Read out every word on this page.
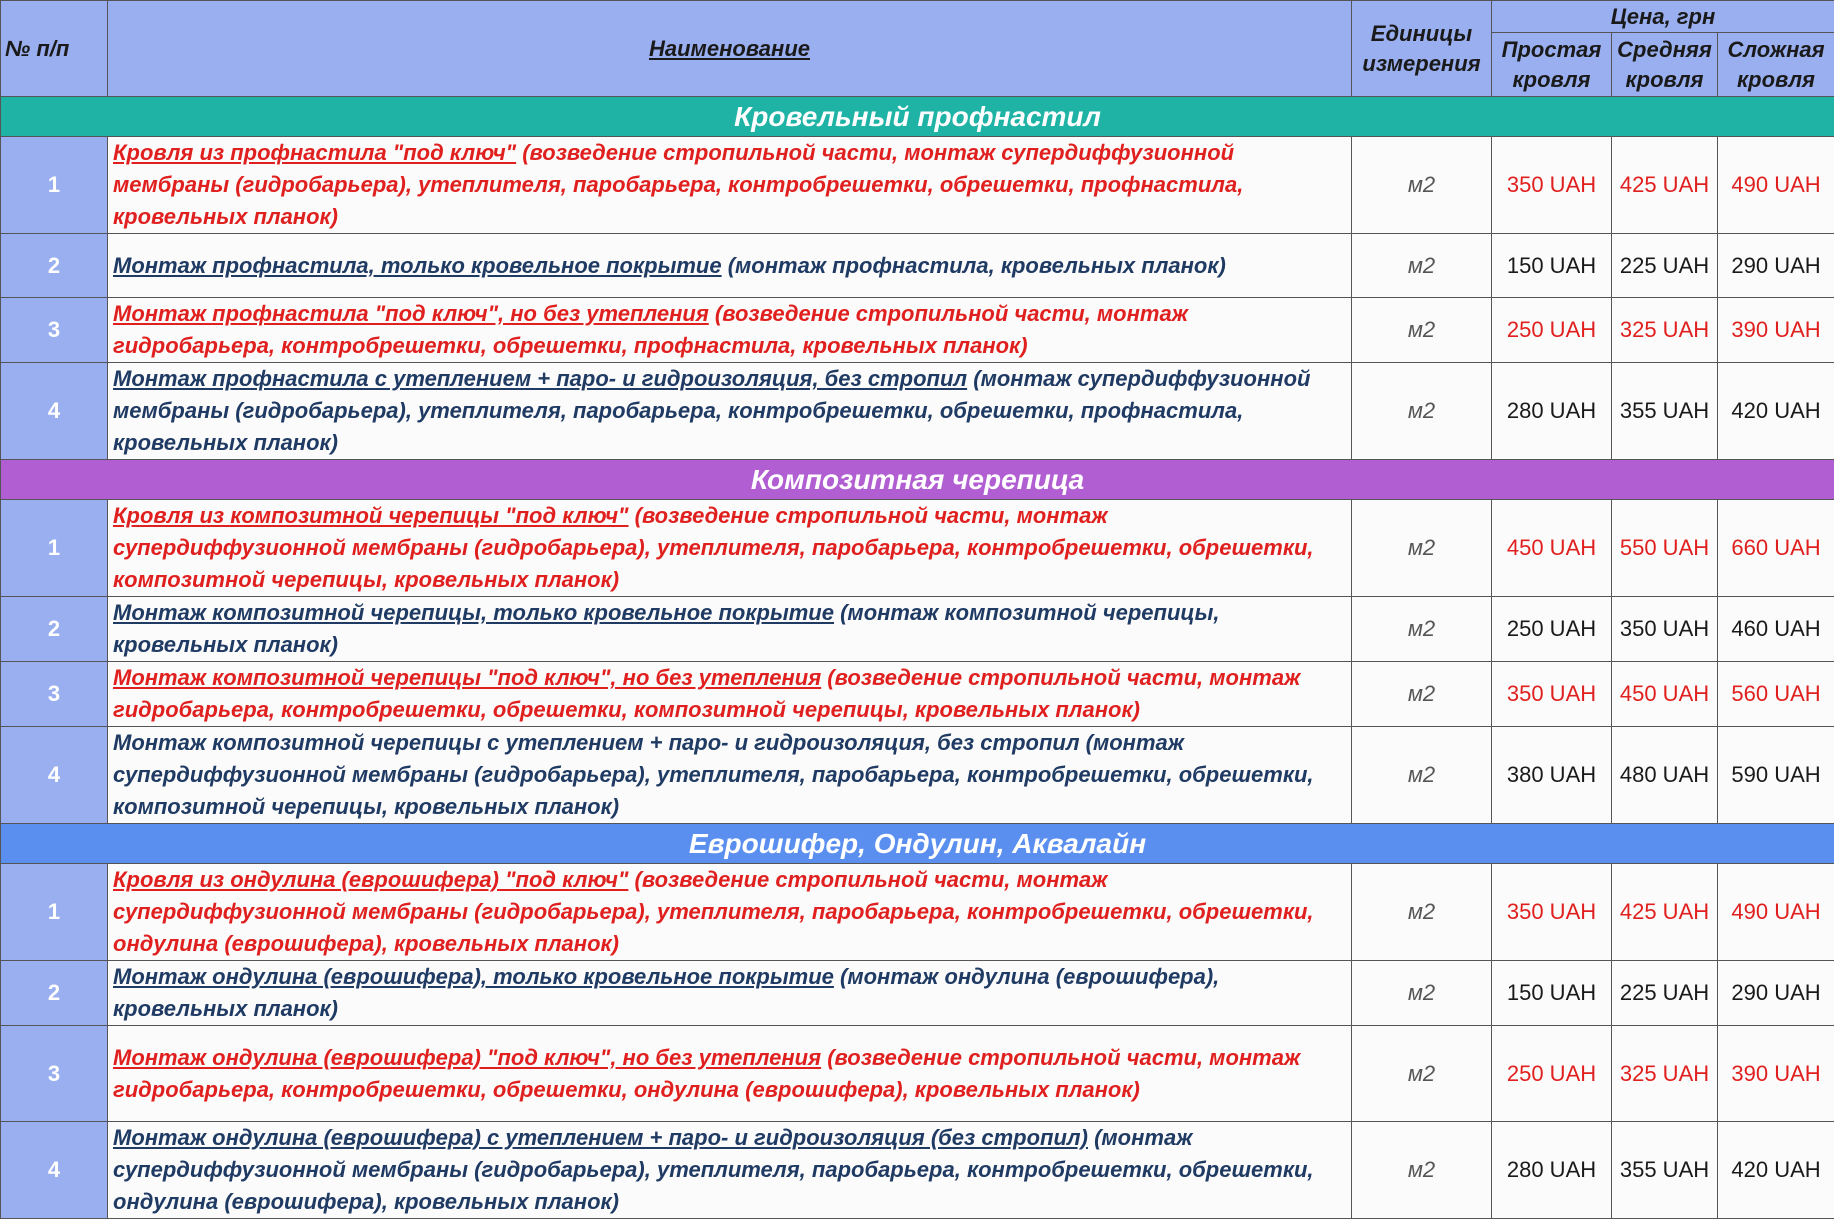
№ п/п	Наименование	Единицы измерения	Цена, грн		
			Простая кровля	Средняя кровля	Сложная кровля
Кровельный профнастил					
1	Кровля из профнастила "под ключ" (возведение стропильной части, монтаж супердиффузионной мембраны (гидробарьера), утеплителя, паробарьера, контробрешетки, обрешетки, профнастила, кровельных планок)	м2	350 UAH	425 UAH	490 UAH
2	Монтаж профнастила, только кровельное покрытие (монтаж профнастила, кровельных планок)	м2	150 UAH	225 UAH	290 UAH
3	Монтаж профнастила "под ключ", но без утепления (возведение стропильной части, монтаж гидробарьера, контробрешетки, обрешетки, профнастила, кровельных планок)	м2	250 UAH	325 UAH	390 UAH
4	Монтаж профнастила с утеплением + паро- и гидроизоляция, без стропил (монтаж супердиффузионной мембраны (гидробарьера), утеплителя, паробарьера, контробрешетки, обрешетки, профнастила, кровельных планок)	м2	280 UAH	355 UAH	420 UAH
Композитная черепица					
1	Кровля из композитной черепицы "под ключ" (возведение стропильной части, монтаж супердиффузионной мембраны (гидробарьера), утеплителя, паробарьера, контробрешетки, обрешетки, композитной черепицы, кровельных планок)	м2	450 UAH	550 UAH	660 UAH
2	Монтаж композитной черепицы, только кровельное покрытие (монтаж композитной черепицы, кровельных планок)	м2	250 UAH	350 UAH	460 UAH
3	Монтаж композитной черепицы "под ключ", но без утепления (возведение стропильной части, монтаж гидробарьера, контробрешетки, обрешетки, композитной черепицы, кровельных планок)	м2	350 UAH	450 UAH	560 UAH
4	Монтаж композитной черепицы с утеплением + паро- и гидроизоляция, без стропил (монтаж супердиффузионной мембраны (гидробарьера), утеплителя, паробарьера, контробрешетки, обрешетки, композитной черепицы, кровельных планок)	м2	380 UAH	480 UAH	590 UAH
Еврошифер, Ондулин, Аквалайн					
1	Кровля из ондулина (еврошифера) "под ключ" (возведение стропильной части, монтаж супердиффузионной мембраны (гидробарьера), утеплителя, паробарьера, контробрешетки, обрешетки, ондулина (еврошифера), кровельных планок)	м2	350 UAH	425 UAH	490 UAH
2	Монтаж ондулина (еврошифера), только кровельное покрытие (монтаж ондулина (еврошифера), кровельных планок)	м2	150 UAH	225 UAH	290 UAH
3	Монтаж ондулина (еврошифера) "под ключ", но без утепления (возведение стропильной части, монтаж гидробарьера, контробрешетки, обрешетки, ондулина (еврошифера), кровельных планок)	м2	250 UAH	325 UAH	390 UAH
4	Монтаж ондулина (еврошифера) с утеплением + паро- и гидроизоляция (без стропил) (монтаж супердиффузионной мембраны (гидробарьера), утеплителя, паробарьера, контробрешетки, обрешетки, ондулина (еврошифера), кровельных планок)	м2	280 UAH	355 UAH	420 UAH
